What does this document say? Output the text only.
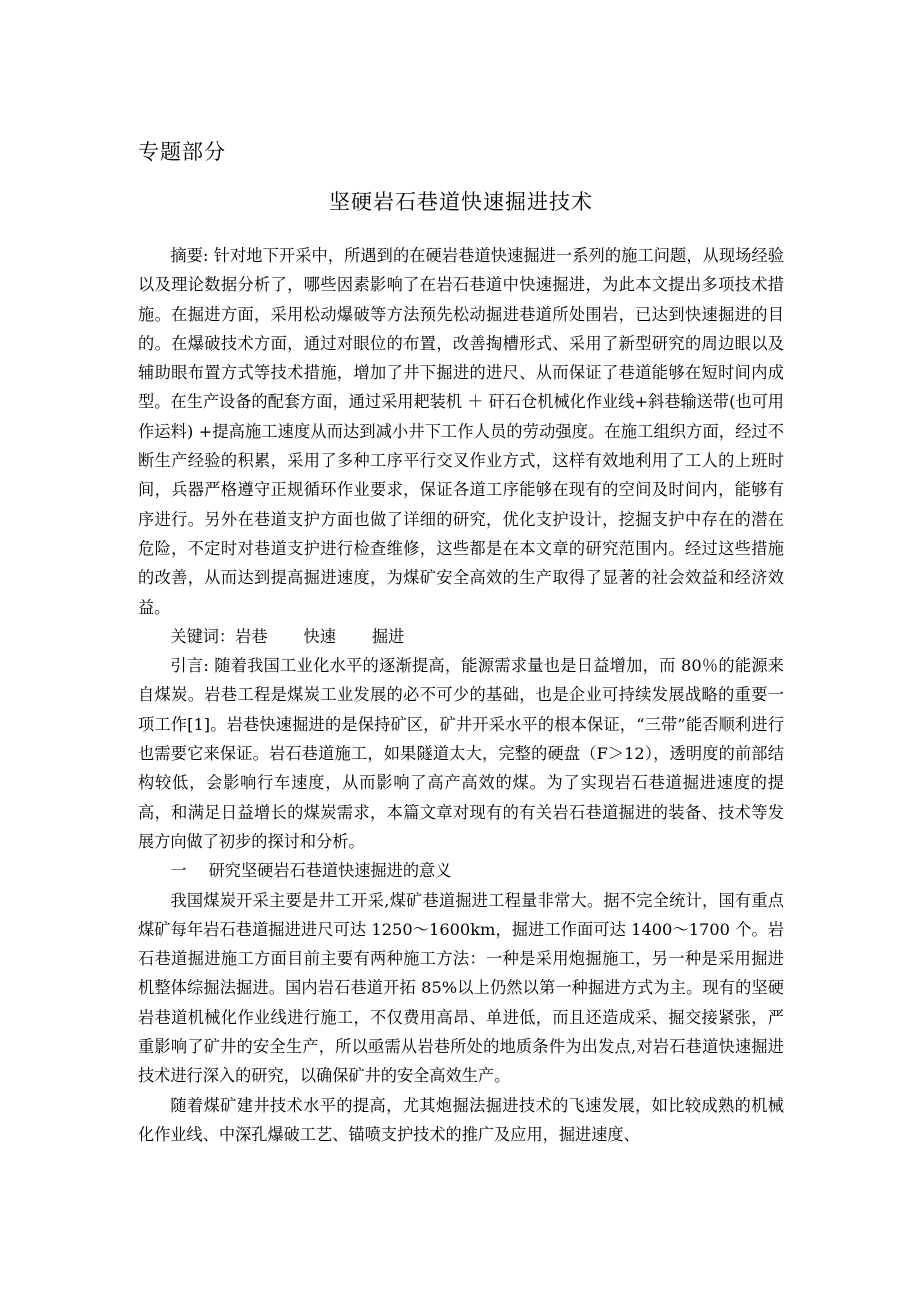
专题部分
坚硬岩石巷道快速掘进技术

摘要: 针对地下开采中，所遇到的在硬岩巷道快速掘进一系列的施工问题，从现场经验以及理论数据分析了，哪些因素影响了在岩石巷道中快速掘进，为此本文提出多项技术措施。在掘进方面，采用松动爆破等方法预先松动掘进巷道所处围岩，已达到快速掘进的目的。在爆破技术方面，通过对眼位的布置，改善掏槽形式、采用了新型研究的周边眼以及辅助眼布置方式等技术措施，增加了井下掘进的进尺、从而保证了巷道能够在短时间内成型。在生产设备的配套方面，通过采用耙装机 ＋ 矸石仓机械化作业线+斜巷输送带(也可用作运料) +提高施工速度从而达到减小井下工作人员的劳动强度。在施工组织方面，经过不断生产经验的积累，采用了多种工序平行交叉作业方式，这样有效地利用了工人的上班时间，兵器严格遵守正规循环作业要求，保证各道工序能够在现有的空间及时间内，能够有序进行。另外在巷道支护方面也做了详细的研究，优化支护设计，挖掘支护中存在的潜在危险，不定时对巷道支护进行检查维修，这些都是在本文章的研究范围内。经过这些措施的改善，从而达到提高掘进速度，为煤矿安全高效的生产取得了显著的社会效益和经济效益。

关键词：岩巷 快速 掘进

引言: 随着我国工业化水平的逐渐提高，能源需求量也是日益增加，而 80％的能源来自煤炭。岩巷工程是煤炭工业发展的必不可少的基础，也是企业可持续发展战略的重要一项工作[1]。岩巷快速掘进的是保持矿区，矿井开采水平的根本保证，“三带”能否顺利进行也需要它来保证。岩石巷道施工，如果隧道太大，完整的硬盘（F＞12），透明度的前部结构较低，会影响行车速度，从而影响了高产高效的煤。为了实现岩石巷道掘进速度的提高，和满足日益增长的煤炭需求，本篇文章对现有的有关岩石巷道掘进的装备、技术等发展方向做了初步的探讨和分析。

一 研究坚硬岩石巷道快速掘进的意义

我国煤炭开采主要是井工开采,煤矿巷道掘进工程量非常大。据不完全统计，国有重点煤矿每年岩石巷道掘进进尺可达 1250～1600km，掘进工作面可达 1400～1700 个。岩石巷道掘进施工方面目前主要有两种施工方法：一种是采用炮掘施工，另一种是采用掘进机整体综掘法掘进。国内岩石巷道开拓 85%以上仍然以第一种掘进方式为主。现有的坚硬岩巷道机械化作业线进行施工，不仅费用高昂、单进低，而且还造成采、掘交接紧张，严重影响了矿井的安全生产，所以亟需从岩巷所处的地质条件为出发点,对岩石巷道快速掘进技术进行深入的研究，以确保矿井的安全高效生产。

随着煤矿建井技术水平的提高，尤其炮掘法掘进技术的飞速发展，如比较成熟的机械化作业线、中深孔爆破工艺、锚喷支护技术的推广及应用，掘进速度、
